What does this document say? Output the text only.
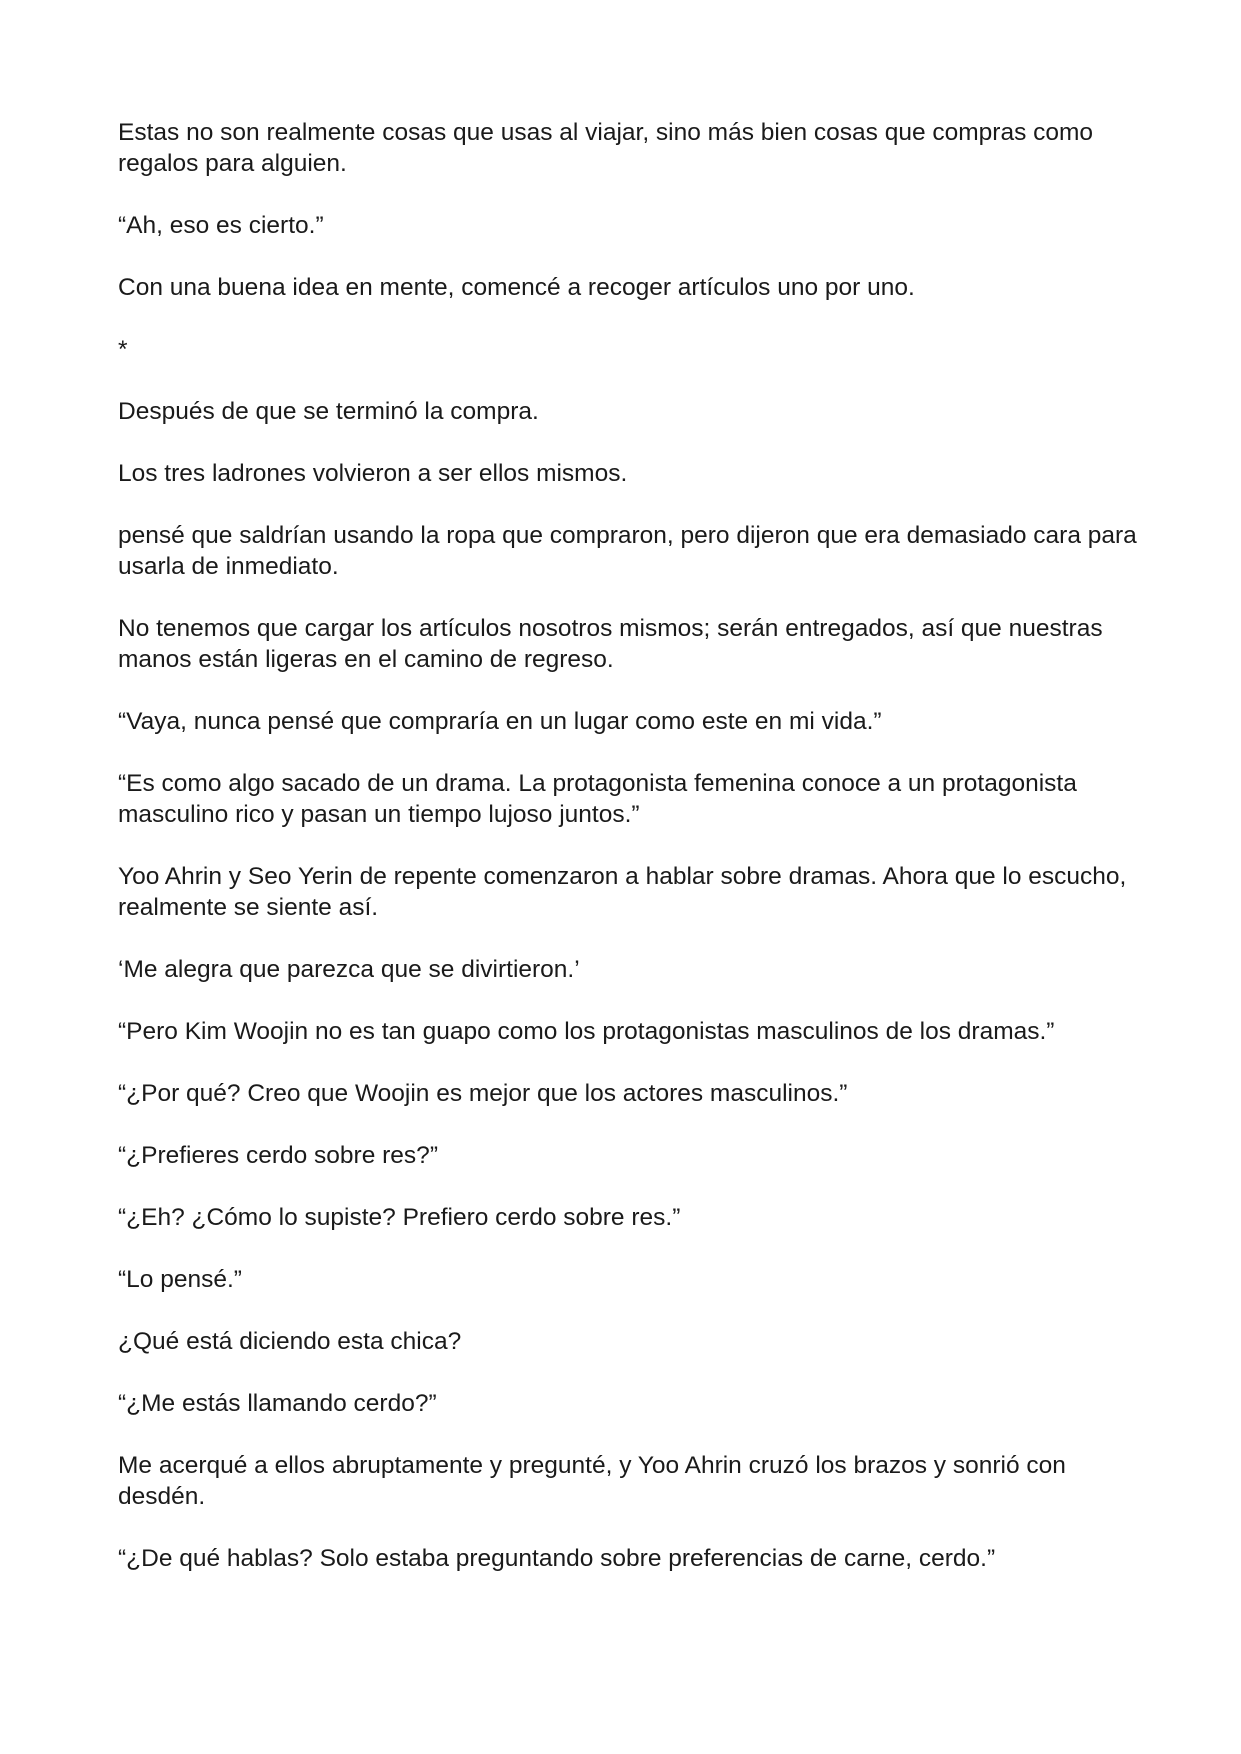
Estas no son realmente cosas que usas al viajar, sino más bien cosas que compras como regalos para alguien.

“Ah, eso es cierto.”

Con una buena idea en mente, comencé a recoger artículos uno por uno.

*

Después de que se terminó la compra.

Los tres ladrones volvieron a ser ellos mismos.

pensé que saldrían usando la ropa que compraron, pero dijeron que era demasiado cara para usarla de inmediato.

No tenemos que cargar los artículos nosotros mismos; serán entregados, así que nuestras manos están ligeras en el camino de regreso.

“Vaya, nunca pensé que compraría en un lugar como este en mi vida.”

“Es como algo sacado de un drama. La protagonista femenina conoce a un protagonista masculino rico y pasan un tiempo lujoso juntos.”

Yoo Ahrin y Seo Yerin de repente comenzaron a hablar sobre dramas. Ahora que lo escucho, realmente se siente así.

‘Me alegra que parezca que se divirtieron.’

“Pero Kim Woojin no es tan guapo como los protagonistas masculinos de los dramas.”

“¿Por qué? Creo que Woojin es mejor que los actores masculinos.”

“¿Prefieres cerdo sobre res?”

“¿Eh? ¿Cómo lo supiste? Prefiero cerdo sobre res.”

“Lo pensé.”

¿Qué está diciendo esta chica?

“¿Me estás llamando cerdo?”

Me acerqué a ellos abruptamente y pregunté, y Yoo Ahrin cruzó los brazos y sonrió con desdén.

“¿De qué hablas? Solo estaba preguntando sobre preferencias de carne, cerdo.”
